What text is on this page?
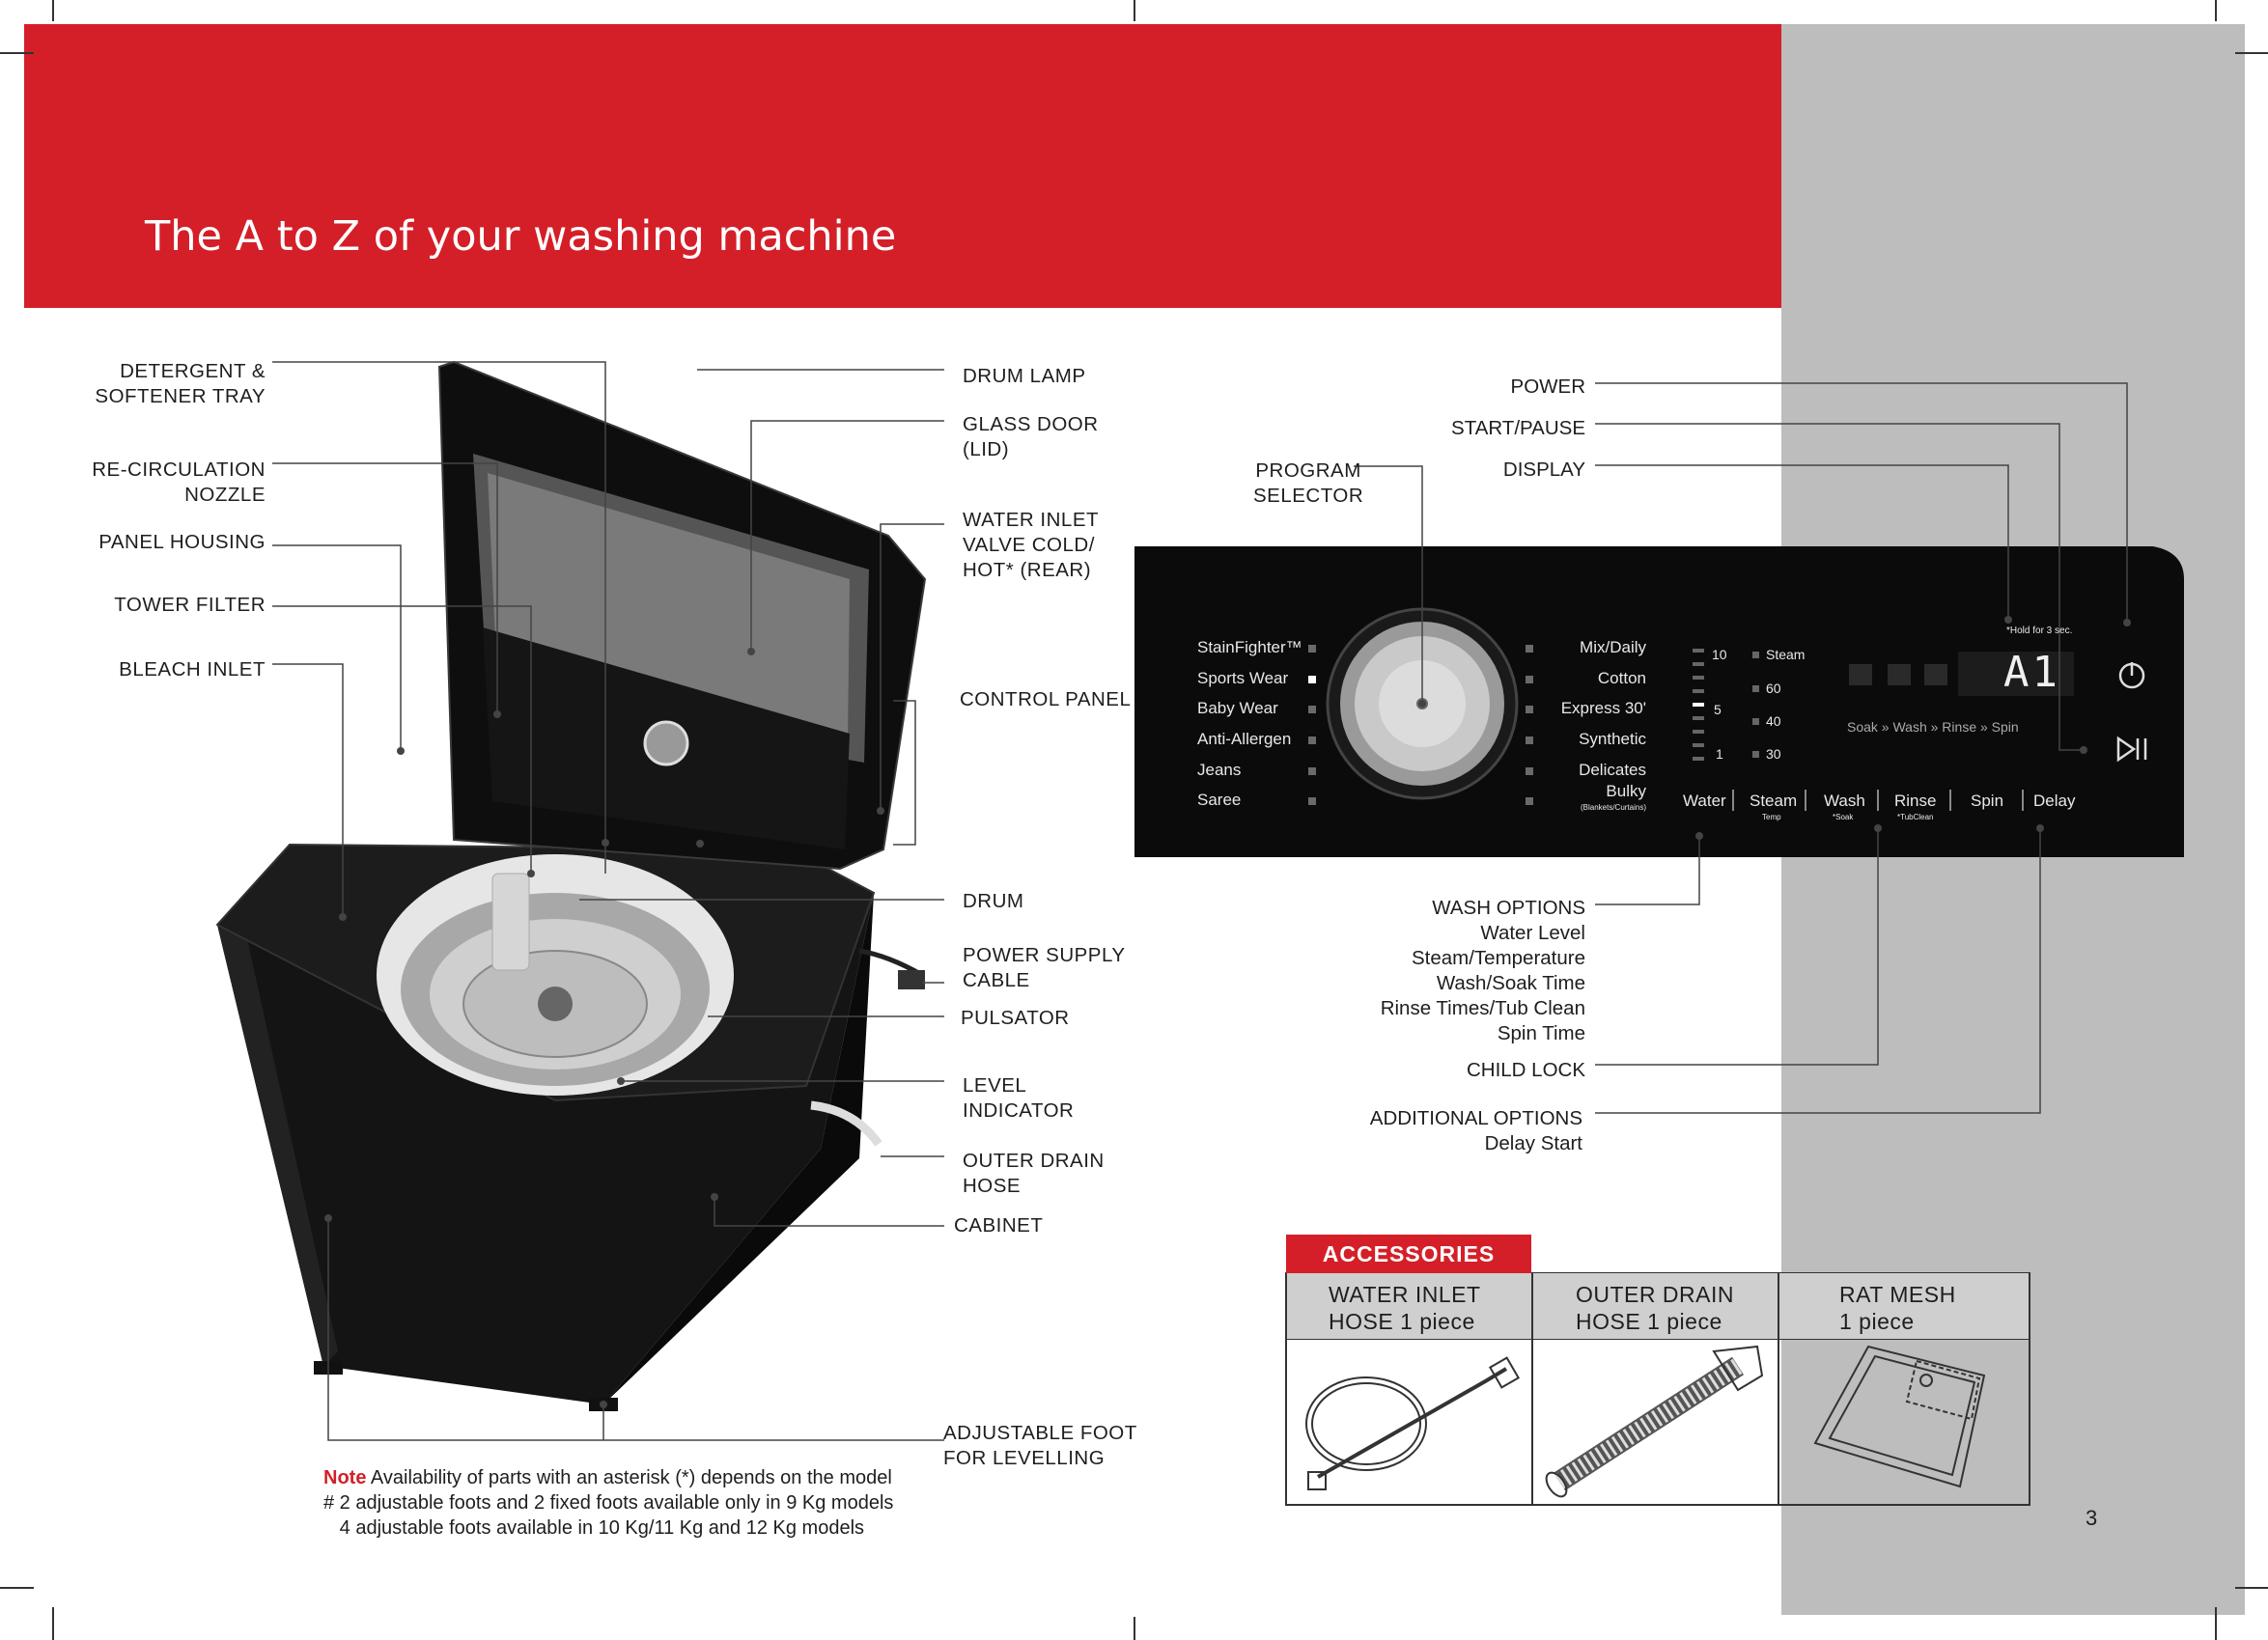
The A to Z of your washing machine
DETERGENT &
SOFTENER TRAY
RE-CIRCULATION
NOZZLE
PANEL HOUSING
TOWER FILTER
BLEACH INLET
DRUM LAMP
GLASS DOOR
(LID)
WATER INLET
VALVE COLD/
HOT* (REAR)
CONTROL PANEL
DRUM
POWER SUPPLY
CABLE
PULSATOR
LEVEL
INDICATOR
OUTER DRAIN
HOSE
CABINET
ADJUSTABLE FOOT
FOR LEVELLING
POWER
START/PAUSE
DISPLAY
PROGRAM
SELECTOR
WASH OPTIONS
Water Level
Steam/Temperature
Wash/Soak Time
Rinse Times/Tub Clean
Spin Time
CHILD LOCK
ADDITIONAL OPTIONS
Delay Start
StainFighter™
Sports Wear
Baby Wear
Anti-Allergen
Jeans
Saree
Mix/Daily
Cotton
Express 30'
Synthetic
Delicates
Bulky
(Blankets/Curtains)
10
5
1
Steam
60
40
30
A1
*Hold for 3 sec.
Soak » Wash » Rinse » Spin
Water Steam Wash Rinse Spin Delay
Temp	*Soak	*TubClean
Note Availability of parts with an asterisk (*) depends on the model
# 2 adjustable foots and 2 fixed foots available only in 9 Kg models
4 adjustable foots available in 10 Kg/11 Kg and 12 Kg models
ACCESSORIES
WATER INLET
HOSE 1 piece
OUTER DRAIN
HOSE 1 piece
RAT MESH
1 piece
3
